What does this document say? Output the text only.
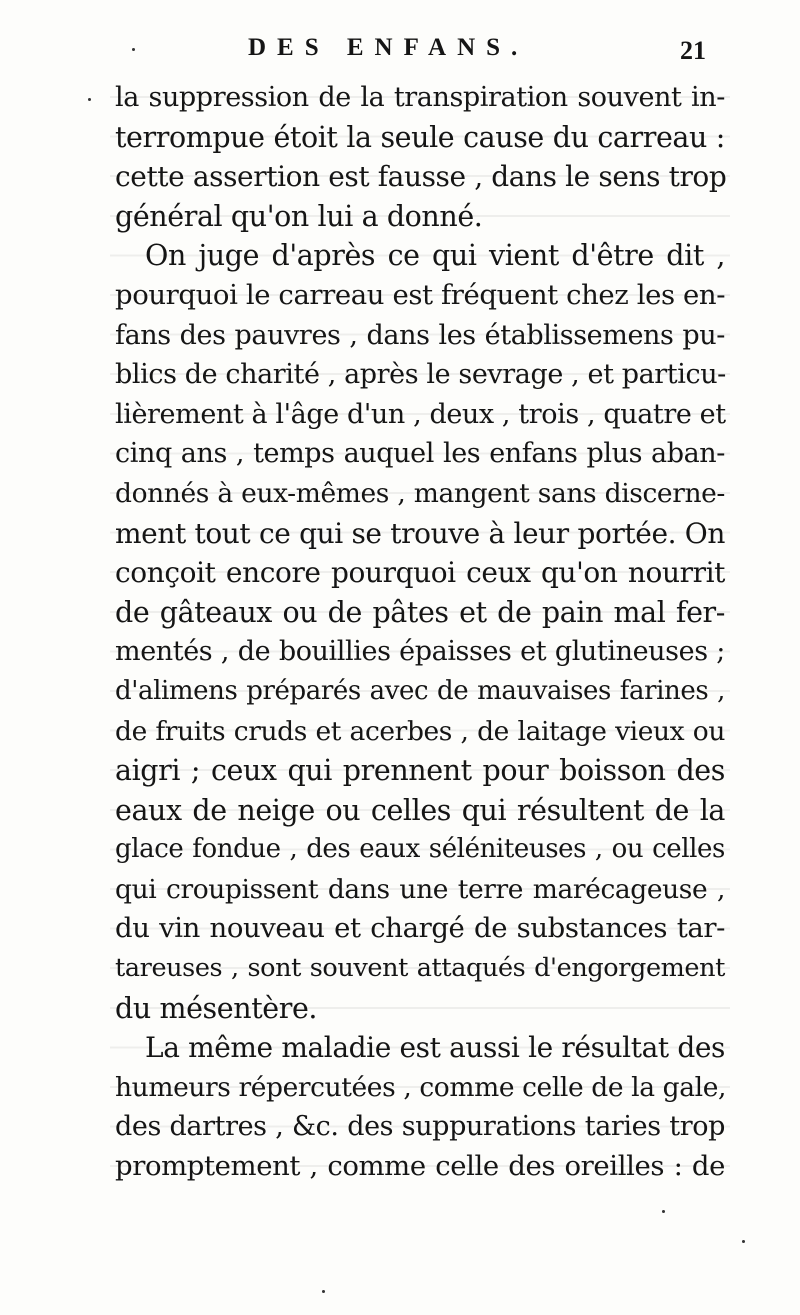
DES ENFANS.	21
la suppression de la transpiration souvent in-
terrompue étoit la seule cause du carreau :
cette assertion est fausse , dans le sens trop
général qu'on lui a donné.
On juge d'après ce qui vient d'être dit ,
pourquoi le carreau est fréquent chez les en-
fans des pauvres , dans les établissemens pu-
blics de charité , après le sevrage , et particu-
lièrement à l'âge d'un , deux , trois , quatre et
cinq ans , temps auquel les enfans plus aban-
donnés à eux-mêmes , mangent sans discerne-
ment tout ce qui se trouve à leur portée. On
conçoit encore pourquoi ceux qu'on nourrit
de gâteaux ou de pâtes et de pain mal fer-
mentés , de bouillies épaisses et glutineuses ;
d'alimens préparés avec de mauvaises farines ,
de fruits cruds et acerbes , de laitage vieux ou
aigri ; ceux qui prennent pour boisson des
eaux de neige ou celles qui résultent de la
glace fondue , des eaux séléniteuses , ou celles
qui croupissent dans une terre marécageuse ,
du vin nouveau et chargé de substances tar-
tareuses , sont souvent attaqués d'engorgement
du mésentère.
La même maladie est aussi le résultat des
humeurs répercutées , comme celle de la gale,
des dartres , &c. des suppurations taries trop
promptement , comme celle des oreilles : de
